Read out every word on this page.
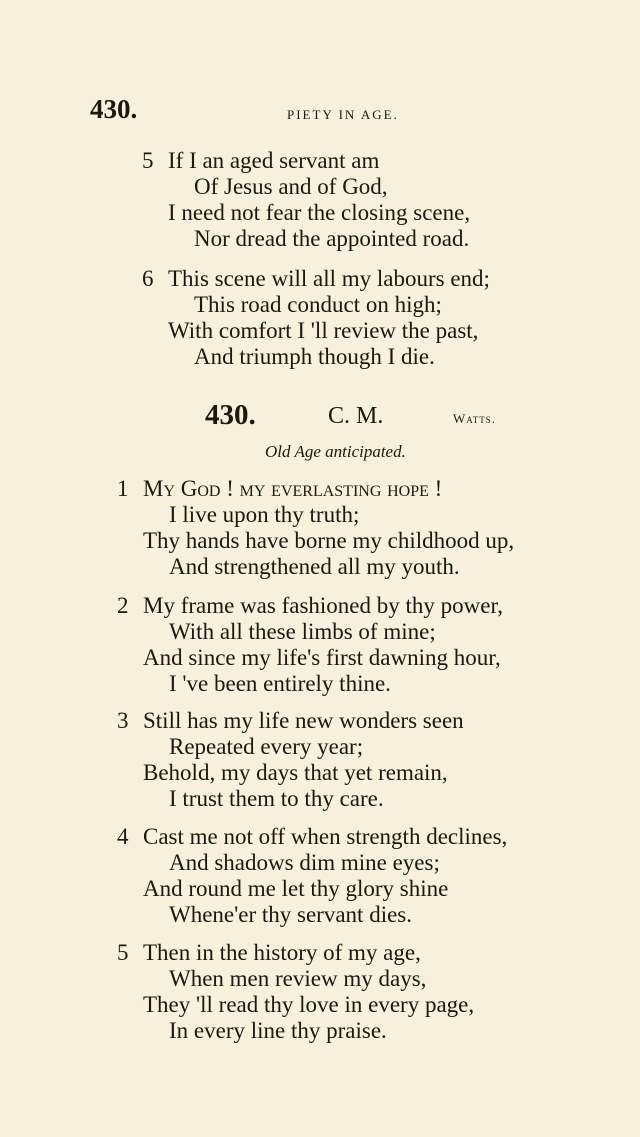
430.	PIETY IN AGE.
5 If I an aged servant am
Of Jesus and of God,
I need not fear the closing scene,
Nor dread the appointed road.
6 This scene will all my labours end;
This road conduct on high;
With comfort I 'll review the past,
And triumph though I die.
430.	C. M.	Watts.
Old Age anticipated.
1 My God ! my everlasting hope !
I live upon thy truth;
Thy hands have borne my childhood up,
And strengthened all my youth.
2 My frame was fashioned by thy power,
With all these limbs of mine;
And since my life's first dawning hour,
I 've been entirely thine.
3 Still has my life new wonders seen
Repeated every year;
Behold, my days that yet remain,
I trust them to thy care.
4 Cast me not off when strength declines,
And shadows dim mine eyes;
And round me let thy glory shine
Whene'er thy servant dies.
5 Then in the history of my age,
When men review my days,
They 'll read thy love in every page,
In every line thy praise.
